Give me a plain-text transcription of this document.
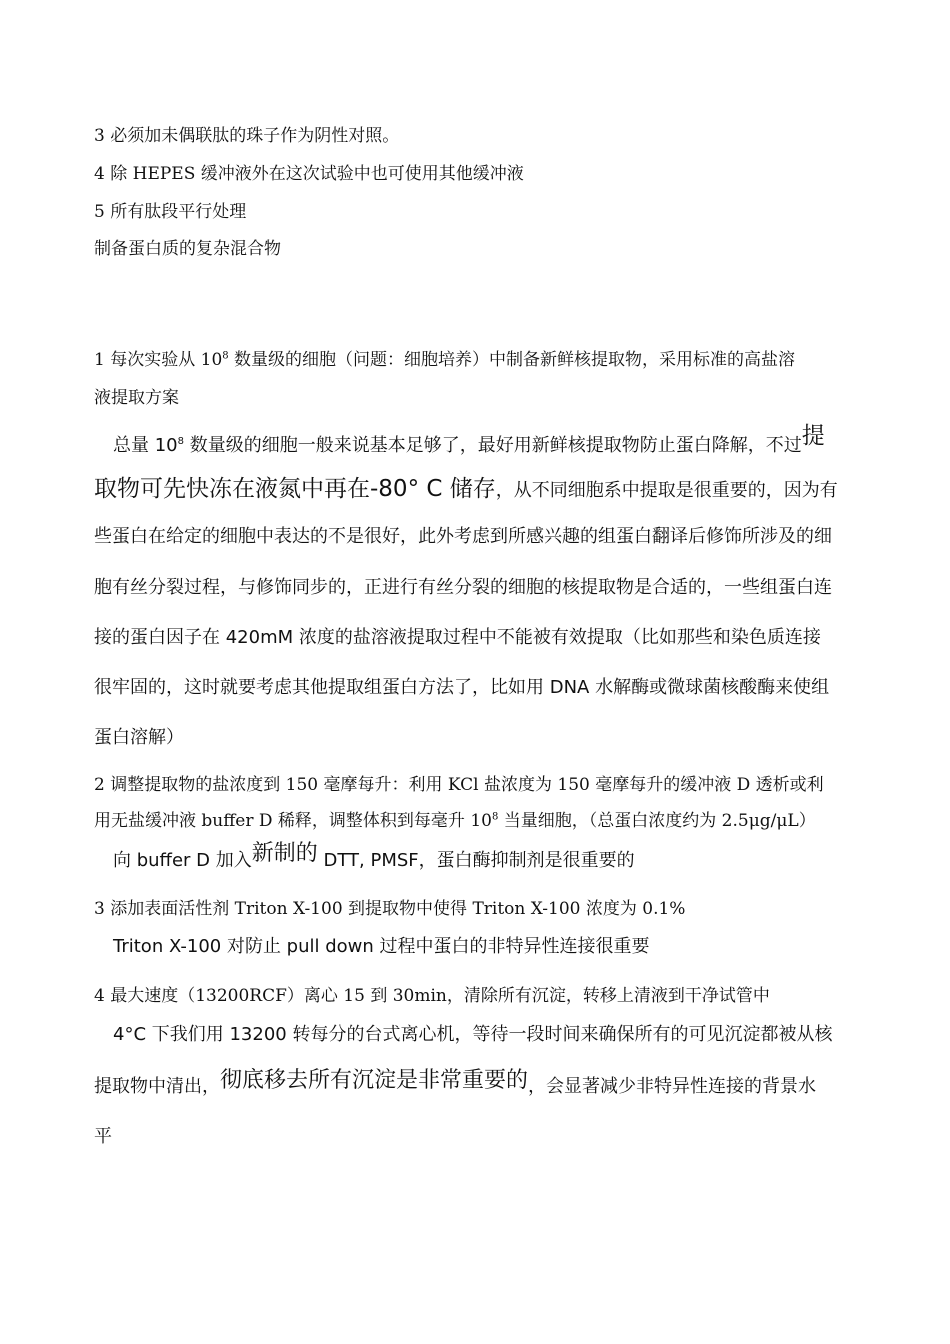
3 必须加未偶联肽的珠子作为阴性对照。
4 除 HEPES 缓冲液外在这次试验中也可使用其他缓冲液
5 所有肽段平行处理
制备蛋白质的复杂混合物
1 每次实验从 $10^8$ 数量级的细胞（问题：细胞培养）中制备新鲜核提取物，采用标准的高盐溶
液提取方案
总量 $10^8$ 数量级的细胞一般来说基本足够了，最好用新鲜核提取物防止蛋白降解，不过提
取物可先快冻在液氮中再在-80° C 储存，从不同细胞系中提取是很重要的，因为有
些蛋白在给定的细胞中表达的不是很好，此外考虑到所感兴趣的组蛋白翻译后修饰所涉及的细
胞有丝分裂过程，与修饰同步的，正进行有丝分裂的细胞的核提取物是合适的，一些组蛋白连
接的蛋白因子在 420mM 浓度的盐溶液提取过程中不能被有效提取（比如那些和染色质连接
很牢固的，这时就要考虑其他提取组蛋白方法了，比如用 DNA 水解酶或微球菌核酸酶来使组
蛋白溶解）
2 调整提取物的盐浓度到 150 毫摩每升：利用 KCl 盐浓度为 150 毫摩每升的缓冲液 D 透析或利
用无盐缓冲液 buffer D 稀释，调整体积到每毫升 $10^8$ 当量细胞，（总蛋白浓度约为 2.5μg/μL）
向 buffer D 加入新制的 DTT, PMSF，蛋白酶抑制剂是很重要的
3 添加表面活性剂 Triton X-100 到提取物中使得 Triton X-100 浓度为 0.1%
Triton X-100 对防止 pull down 过程中蛋白的非特异性连接很重要
4 最大速度（13200RCF）离心 15 到 30min，清除所有沉淀，转移上清液到干净试管中
4°C 下我们用 13200 转每分的台式离心机，等待一段时间来确保所有的可见沉淀都被从核
提取物中清出，彻底移去所有沉淀是非常重要的，会显著减少非特异性连接的背景水
平
